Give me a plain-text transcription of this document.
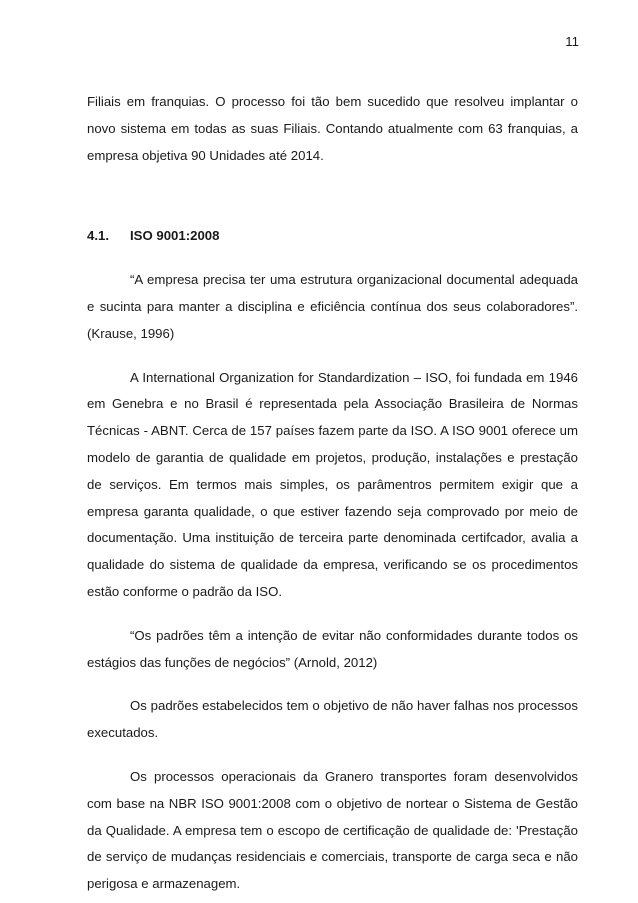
11

Filiais em franquias. O processo foi tão bem sucedido que resolveu implantar o novo sistema em todas as suas Filiais. Contando atualmente com 63 franquias, a empresa objetiva 90 Unidades até 2014.

4.1. ISO 9001:2008

“A empresa precisa ter uma estrutura organizacional documental adequada e sucinta para manter a disciplina e eficiência contínua dos seus colaboradores”. (Krause, 1996)

A International Organization for Standardization – ISO, foi fundada em 1946 em Genebra e no Brasil é representada pela Associação Brasileira de Normas Técnicas - ABNT. Cerca de 157 países fazem parte da ISO. A ISO 9001 oferece um modelo de garantia de qualidade em projetos, produção, instalações e prestação de serviços. Em termos mais simples, os parâmentros permitem exigir que a empresa garanta qualidade, o que estiver fazendo seja comprovado por meio de documentação. Uma instituição de terceira parte denominada certifcador, avalia a qualidade do sistema de qualidade da empresa, verificando se os procedimentos estão conforme o padrão da ISO.

“Os padrões têm a intenção de evitar não conformidades durante todos os estágios das funções de negócios” (Arnold, 2012)

Os padrões estabelecidos tem o objetivo de não haver falhas nos processos executados.

Os processos operacionais da Granero transportes foram desenvolvidos com base na NBR ISO 9001:2008 com o objetivo de nortear o Sistema de Gestão da Qualidade. A empresa tem o escopo de certificação de qualidade de: 'Prestação de serviço de mudanças residenciais e comerciais, transporte de carga seca e não perigosa e armazenagem.
